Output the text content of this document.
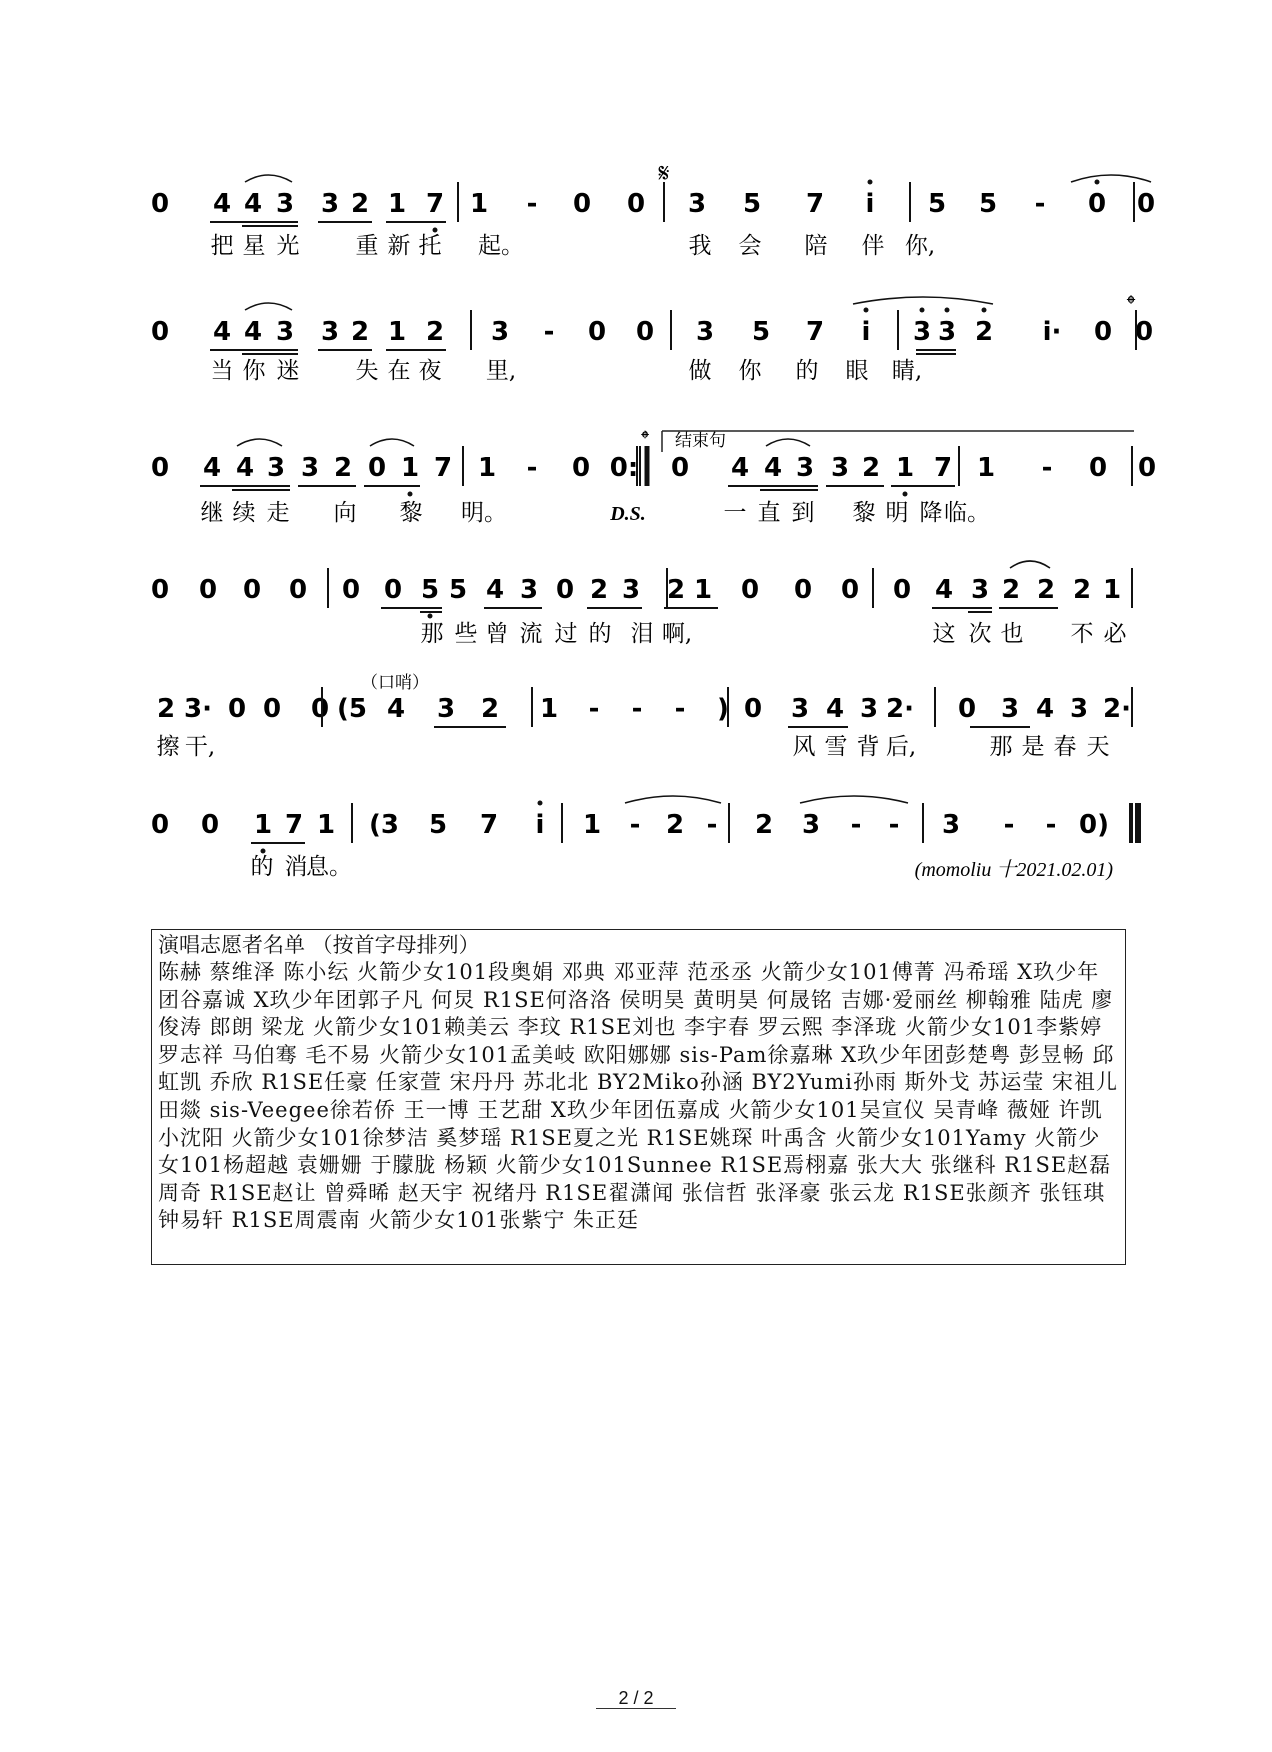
𝄋
𝄌
𝄌 结束句
D.S.
（口哨）
(momoliu 十2021.02.01)
0 4 4 3 3 2 1 7 1 - 0 0 3 5 7 i 5 5 - 0 0
把 星 光 重 新 托 起。	我 会 陪 伴 你,
0 4 4 3 3 2 1 2 3 - 0 0 3 5 7 i 3 3 2 i· 0 0
当 你 迷 失 在 夜 里,	做 你 的 眼 睛,
0 4 4 3 3 2 0 1 7 1 - 0 0: 0 4 4 3 3 2 1 7 1 - 0 0
继 续 走 向 黎 明。	一 直 到 黎 明 降 临。
0 0 0 0 0 0 5 5 4 3 0 2 3 2 1 0 0 0 0 4 3 2 2 2 1
那 些 曾 流 过 的 泪 啊,	这 次 也 不 必
2 3· 0 0 0 (5 4 3 2 1 - - - ) 0 3 4 3 2· 0 3 4 3 2·
擦 干,	风 雪 背 后,	那 是 春 天
0 0 1 7 1 (3 5 7 i 1 - 2 - 2 3 - - 3 - - 0)
的 消
息。
演唱志愿者名单 （按首字母排列）
陈赫 蔡维泽 陈小纭 火箭少女101段奥娟 邓典 邓亚萍 范丞丞 火箭少女101傅菁 冯希瑶 X玖少年团谷嘉诚 X玖少年团郭子凡 何炅 R1SE何洛洛 侯明昊 黄明昊 何晟铭 吉娜·爱丽丝 柳翰雅 陆虎 廖俊涛 郎朗 梁龙 火箭少女101赖美云 李玟 R1SE刘也 李宇春 罗云熙 李泽珑 火箭少女101李紫婷 罗志祥 马伯骞 毛不易 火箭少女101孟美岐 欧阳娜娜 sis-Pam徐嘉琳 X玖少年团彭楚粤 彭昱畅 邱虹凯 乔欣 R1SE任豪 任家萱 宋丹丹 苏北北 BY2Miko孙涵 BY2Yumi孙雨 斯外戈 苏运莹 宋祖儿 田燚 sis-Veegee徐若侨 王一博 王艺甜 X玖少年团伍嘉成 火箭少女101吴宣仪 吴青峰 薇娅 许凯 小沈阳 火箭少女101徐梦洁 奚梦瑶 R1SE夏之光 R1SE姚琛 叶禹含 火箭少女101Yamy 火箭少女101杨超越 袁姗姗 于朦胧 杨颖 火箭少女101Sunnee R1SE焉栩嘉 张大大 张继科 R1SE赵磊 周奇 R1SE赵让 曾舜晞 赵天宇 祝绪丹 R1SE翟潇闻 张信哲 张泽豪 张云龙 R1SE张颜齐 张钰琪 钟易轩 R1SE周震南 火箭少女101张紫宁 朱正廷
2 / 2
